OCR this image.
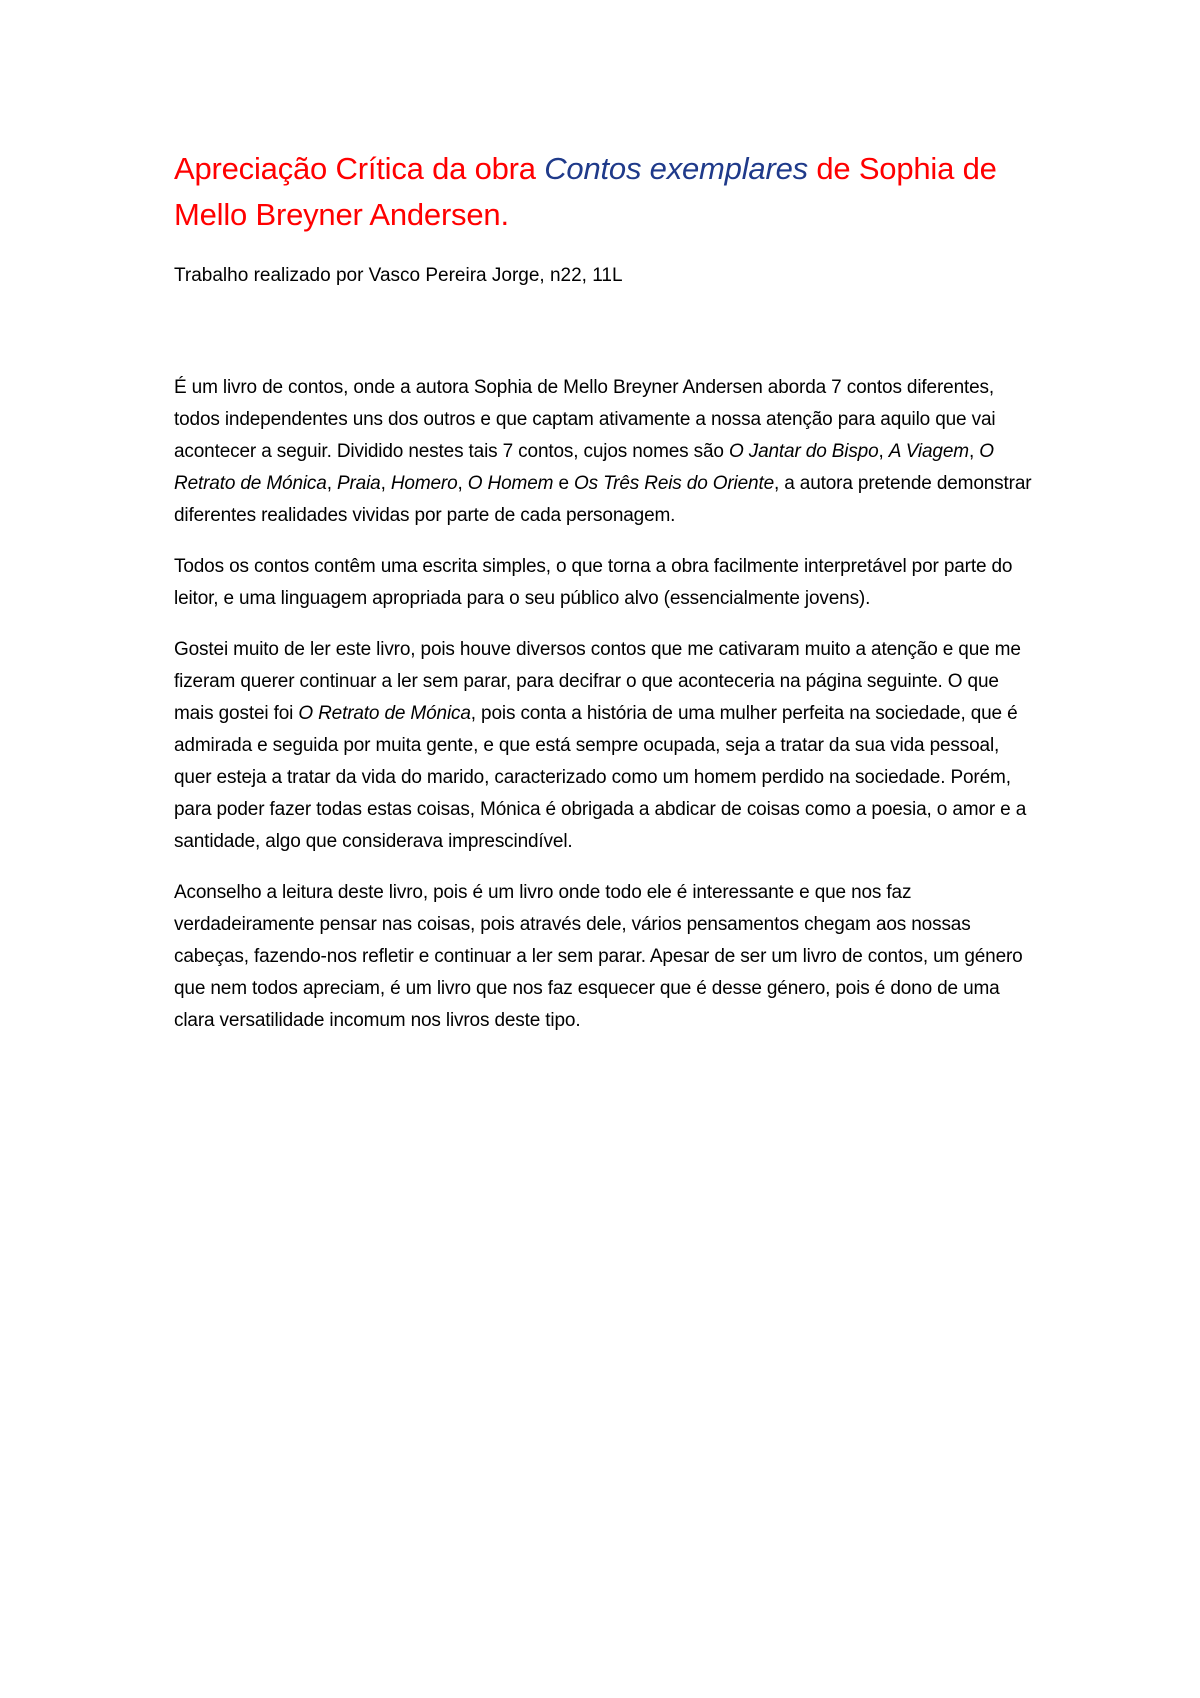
Apreciação Crítica da obra Contos exemplares de Sophia de Mello Breyner Andersen.

Trabalho realizado por Vasco Pereira Jorge, n22, 11L

É um livro de contos, onde a autora Sophia de Mello Breyner Andersen aborda 7 contos diferentes, todos independentes uns dos outros e que captam ativamente a nossa atenção para aquilo que vai acontecer a seguir. Dividido nestes tais 7 contos, cujos nomes são O Jantar do Bispo, A Viagem, O Retrato de Mónica, Praia, Homero, O Homem e Os Três Reis do Oriente, a autora pretende demonstrar diferentes realidades vividas por parte de cada personagem.

Todos os contos contêm uma escrita simples, o que torna a obra facilmente interpretável por parte do leitor, e uma linguagem apropriada para o seu público alvo (essencialmente jovens).

Gostei muito de ler este livro, pois houve diversos contos que me cativaram muito a atenção e que me fizeram querer continuar a ler sem parar, para decifrar o que aconteceria na página seguinte. O que mais gostei foi O Retrato de Mónica, pois conta a história de uma mulher perfeita na sociedade, que é admirada e seguida por muita gente, e que está sempre ocupada, seja a tratar da sua vida pessoal, quer esteja a tratar da vida do marido, caracterizado como um homem perdido na sociedade. Porém, para poder fazer todas estas coisas, Mónica é obrigada a abdicar de coisas como a poesia, o amor e a santidade, algo que considerava imprescindível.

Aconselho a leitura deste livro, pois é um livro onde todo ele é interessante e que nos faz verdadeiramente pensar nas coisas, pois através dele, vários pensamentos chegam aos nossas cabeças, fazendo-nos refletir e continuar a ler sem parar. Apesar de ser um livro de contos, um género que nem todos apreciam, é um livro que nos faz esquecer que é desse género, pois é dono de uma clara versatilidade incomum nos livros deste tipo.
